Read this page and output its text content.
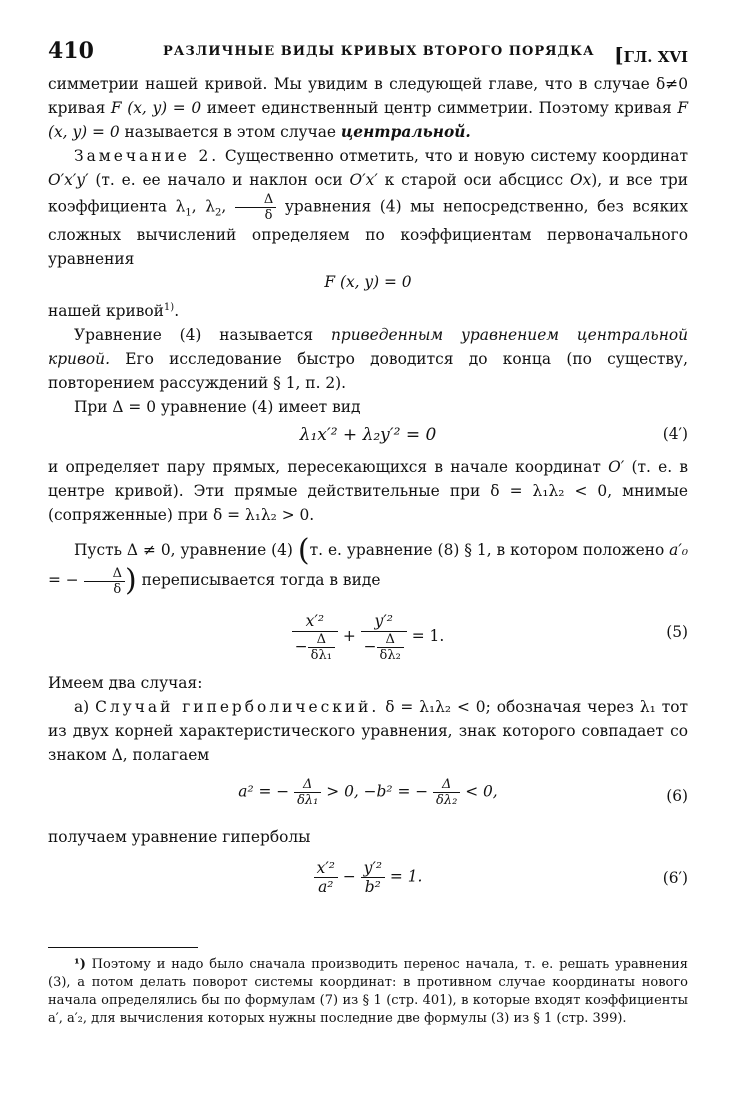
410	РАЗЛИЧНЫЕ ВИДЫ КРИВЫХ ВТОРОГО ПОРЯДКА [ГЛ. XVI

симметрии нашей кривой. Мы увидим в следующей главе, что в случае δ≠0 кривая F (x, y) = 0 имеет единственный центр симметрии. Поэтому кривая F (x, y) = 0 называется в этом случае центральной.

Замечание 2. Существенно отметить, что и новую систему координат O′x′y′ (т. е. ее начало и наклон оси O′x′ к старой оси абсцисс Ox), и все три коэффициента $\lambda_1$, $\lambda_2$, $\frac{\Delta}{\delta}$ уравнения (4) мы непосредственно, без всяких сложных вычислений определяем по коэффициентам первоначального уравнения

F (x, y) = 0

нашей кривой$^{1)}$.

Уравнение (4) называется приведенным уравнением центральной кривой. Его исследование быстро доводится до конца (по существу, повторением рассуждений § 1, п. 2).

При Δ = 0 уравнение (4) имеет вид

λ₁x′² + λ₂y′² = 0	(4′)

и определяет пару прямых, пересекающихся в начале координат O′ (т. е. в центре кривой). Эти прямые действительные при δ = λ₁λ₂ < 0, мнимые (сопряженные) при δ = λ₁λ₂ > 0.

Пусть Δ ≠ 0, уравнение (4) (т. е. уравнение (8) § 1, в котором положено a′₀ = − $\frac{\Delta}{\delta}$ ) переписывается тогда в виде

$\frac{\text{x′²}}{- \frac{\Delta}{\text{δλ₁}}} + \frac{\text{y′²}}{- \frac{\Delta}{\text{δλ₂}}} = 1$.	(5)

Имеем два случая:

а) Случай гиперболический. δ = λ₁λ₂ < 0; обозначая через λ₁ тот из двух корней характеристического уравнения, знак которого совпадает со знаком Δ, полагаем

a² = − $\frac{\Delta}{\text{δλ₁}} > 0$, −b² = − $\frac{\Delta}{\text{δλ₂}} < 0$,	(6)

получаем уравнение гиперболы

$\frac{\text{x′²}}{\text{a²}} - \frac{\text{y′²}}{\text{b²}} = 1$.	(6′)
¹) Поэтому и надо было сначала производить перенос начала, т. е. решать уравнения (3), а потом делать поворот системы координат: в противном случае координаты нового начала определялись бы по формулам (7) из § 1 (стр. 401), в которые входят коэффициенты a′, a′₂, для вычисления которых нужны последние две формулы (3) из § 1 (стр. 399).
